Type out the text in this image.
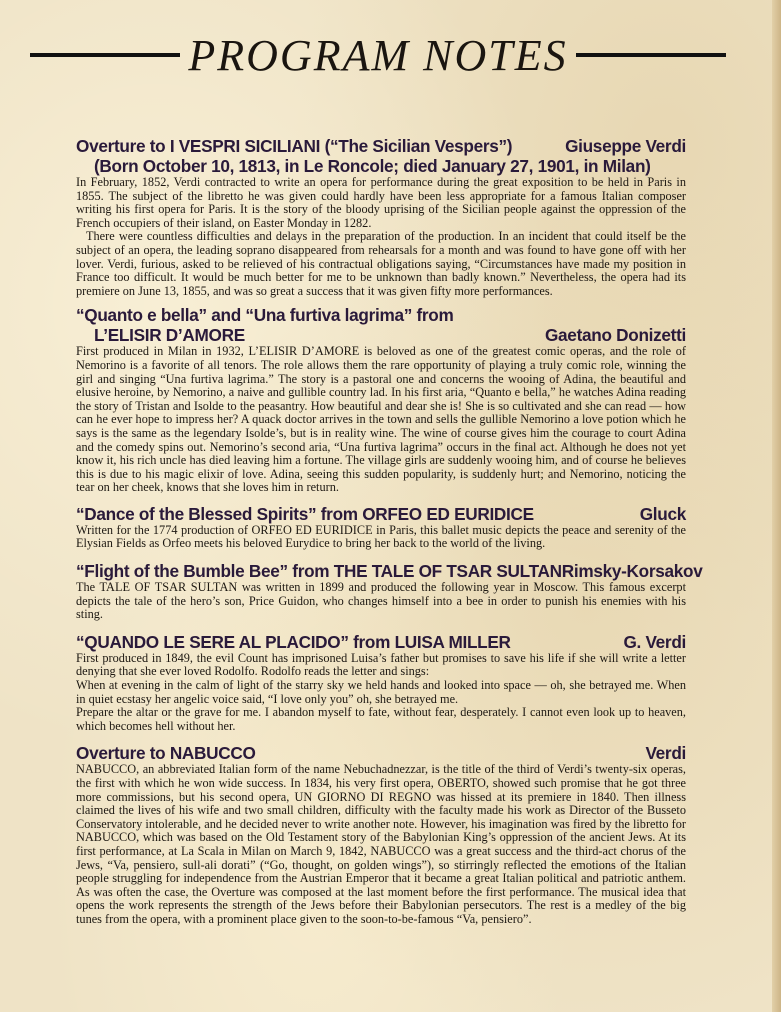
PROGRAM NOTES
Overture to I VESPRI SICILIANI (“The Sicilian Vespers”)	Giuseppe Verdi
(Born October 10, 1813, in Le Roncole; died January 27, 1901, in Milan)

In February, 1852, Verdi contracted to write an opera for performance during the great exposition to be held in Paris in 1855. The subject of the libretto he was given could hardly have been less appropriate for a famous Italian composer writing his first opera for Paris. It is the story of the bloody uprising of the Sicilian people against the oppression of the French occupiers of their island, on Easter Monday in 1282.

There were countless difficulties and delays in the preparation of the production. In an incident that could itself be the subject of an opera, the leading soprano disappeared from rehearsals for a month and was found to have gone off with her lover. Verdi, furious, asked to be relieved of his contractual obligations saying, “Circumstances have made my position in France too difficult. It would be much better for me to be unknown than badly known.” Nevertheless, the opera had its premiere on June 13, 1855, and was so great a success that it was given fifty more performances.

“Quanto e bella” and “Una furtiva lagrima” from
L’ELISIR D’AMORE	Gaetano Donizetti

First produced in Milan in 1932, L’ELISIR D’AMORE is beloved as one of the greatest comic operas, and the role of Nemorino is a favorite of all tenors. The role allows them the rare opportunity of playing a truly comic role, winning the girl and singing “Una furtiva lagrima.” The story is a pastoral one and concerns the wooing of Adina, the beautiful and elusive heroine, by Nemorino, a naive and gullible country lad. In his first aria, “Quanto e bella,” he watches Adina reading the story of Tristan and Isolde to the peasantry. How beautiful and dear she is! She is so cultivated and she can read — how can he ever hope to impress her? A quack doctor arrives in the town and sells the gullible Nemorino a love potion which he says is the same as the legendary Isolde’s, but is in reality wine. The wine of course gives him the courage to court Adina and the comedy spins out. Nemorino’s second aria, “Una furtiva lagrima” occurs in the final act. Although he does not yet know it, his rich uncle has died leaving him a fortune. The village girls are suddenly wooing him, and of course he believes this is due to his magic elixir of love. Adina, seeing this sudden popularity, is suddenly hurt; and Nemorino, noticing the tear on her cheek, knows that she loves him in return.

“Dance of the Blessed Spirits” from ORFEO ED EURIDICE	Gluck

Written for the 1774 production of ORFEO ED EURIDICE in Paris, this ballet music depicts the peace and serenity of the Elysian Fields as Orfeo meets his beloved Eurydice to bring her back to the world of the living.

“Flight of the Bumble Bee” from THE TALE OF TSAR SULTAN Rimsky-Korsakov

The TALE OF TSAR SULTAN was written in 1899 and produced the following year in Moscow. This famous excerpt depicts the tale of the hero’s son, Price Guidon, who changes himself into a bee in order to punish his enemies with his sting.

“QUANDO LE SERE AL PLACIDO” from LUISA MILLER	G. Verdi

First produced in 1849, the evil Count has imprisoned Luisa’s father but promises to save his life if she will write a letter denying that she ever loved Rodolfo. Rodolfo reads the letter and sings:

When at evening in the calm of light of the starry sky we held hands and looked into space — oh, she betrayed me. When in quiet ecstasy her angelic voice said, “I love only you” oh, she betrayed me.

Prepare the altar or the grave for me. I abandon myself to fate, without fear, desperately. I cannot even look up to heaven, which becomes hell without her.

Overture to NABUCCO	Verdi

NABUCCO, an abbreviated Italian form of the name Nebuchadnezzar, is the title of the third of Verdi’s twenty-six operas, the first with which he won wide success. In 1834, his very first opera, OBERTO, showed such promise that he got three more commissions, but his second opera, UN GIORNO DI REGNO was hissed at its premiere in 1840. Then illness claimed the lives of his wife and two small children, difficulty with the faculty made his work as Director of the Busseto Conservatory intolerable, and he decided never to write another note. However, his imagination was fired by the libretto for NABUCCO, which was based on the Old Testament story of the Babylonian King’s oppression of the ancient Jews. At its first performance, at La Scala in Milan on March 9, 1842, NABUCCO was a great success and the third-act chorus of the Jews, “Va, pensiero, sull-ali dorati” (“Go, thought, on golden wings”), so stirringly reflected the emotions of the Italian people struggling for independence from the Austrian Emperor that it became a great Italian political and patriotic anthem. As was often the case, the Overture was composed at the last moment before the first performance. The musical idea that opens the work represents the strength of the Jews before their Babylonian persecutors. The rest is a medley of the big tunes from the opera, with a prominent place given to the soon-to-be-famous “Va, pensiero”.
